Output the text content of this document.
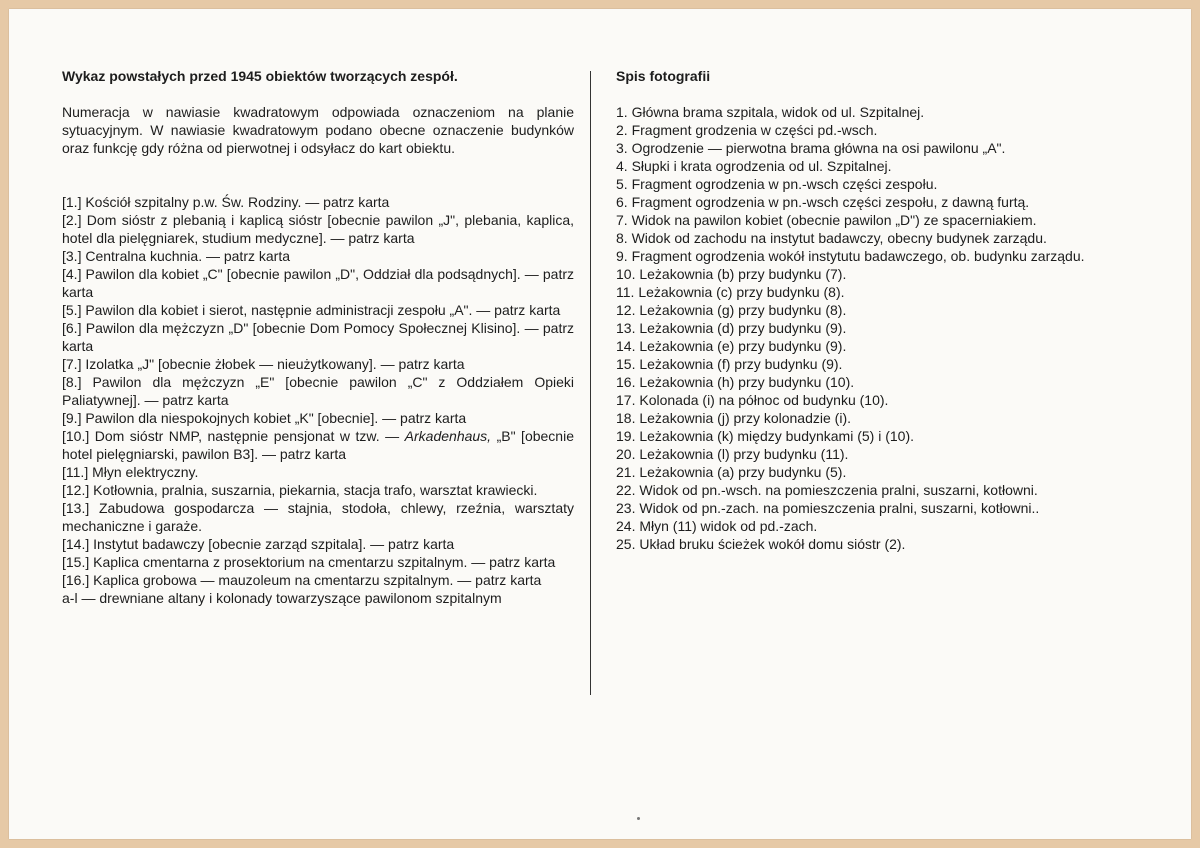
Wykaz powstałych przed 1945 obiektów tworzących zespół.
Numeracja w nawiasie kwadratowym odpowiada oznaczeniom na planie sytuacyjnym. W nawiasie kwadratowym podano obecne oznaczenie budynków oraz funkcję gdy różna od pierwotnej i odsyłacz do kart obiektu.
[1.] Kościół szpitalny p.w. Św. Rodziny. — patrz karta
[2.] Dom sióstr z plebanią i kaplicą sióstr [obecnie pawilon „J", plebania, kaplica, hotel dla pielęgniarek, studium medyczne]. — patrz karta
[3.] Centralna kuchnia. — patrz karta
[4.] Pawilon dla kobiet „C" [obecnie pawilon „D", Oddział dla podsądnych]. — patrz karta
[5.] Pawilon dla kobiet i sierot, następnie administracji zespołu „A". — patrz karta
[6.] Pawilon dla mężczyzn „D" [obecnie Dom Pomocy Społecznej Klisino]. — patrz karta
[7.] Izolatka „J" [obecnie żłobek — nieużytkowany]. — patrz karta
[8.] Pawilon dla mężczyzn „E" [obecnie pawilon „C" z Oddziałem Opieki Paliatywnej]. — patrz karta
[9.] Pawilon dla niespokojnych kobiet „K" [obecnie]. — patrz karta
[10.] Dom sióstr NMP, następnie pensjonat w tzw. — Arkadenhaus, „B" [obecnie hotel pielęgniarski, pawilon B3]. — patrz karta
[11.] Młyn elektryczny.
[12.] Kotłownia, pralnia, suszarnia, piekarnia, stacja trafo, warsztat krawiecki.
[13.] Zabudowa gospodarcza — stajnia, stodoła, chlewy, rzeźnia, warsztaty mechaniczne i garaże.
[14.] Instytut badawczy [obecnie zarząd szpitala]. — patrz karta
[15.] Kaplica cmentarna z prosektorium na cmentarzu szpitalnym. — patrz karta
[16.] Kaplica grobowa — mauzoleum na cmentarzu szpitalnym. — patrz karta
a-l — drewniane altany i kolonady towarzyszące pawilonom szpitalnym
Spis fotografii
1. Główna brama szpitala, widok od ul. Szpitalnej.
2. Fragment grodzenia w części pd.-wsch.
3. Ogrodzenie — pierwotna brama główna na osi pawilonu „A".
4. Słupki i krata ogrodzenia od ul. Szpitalnej.
5. Fragment ogrodzenia w pn.-wsch części zespołu.
6. Fragment ogrodzenia w pn.-wsch części zespołu, z dawną furtą.
7. Widok na pawilon kobiet (obecnie pawilon „D") ze spacerniakiem.
8. Widok od zachodu na instytut badawczy, obecny budynek zarządu.
9. Fragment ogrodzenia wokół instytutu badawczego, ob. budynku zarządu.
10. Leżakownia (b) przy budynku (7).
11. Leżakownia (c) przy budynku (8).
12. Leżakownia (g) przy budynku (8).
13. Leżakownia (d) przy budynku (9).
14. Leżakownia (e) przy budynku (9).
15. Leżakownia (f) przy budynku (9).
16. Leżakownia (h) przy budynku (10).
17. Kolonada (i) na północ od budynku (10).
18. Leżakownia (j) przy kolonadzie (i).
19. Leżakownia (k) między budynkami (5) i (10).
20. Leżakownia (l) przy budynku (11).
21. Leżakownia (a) przy budynku (5).
22. Widok od pn.-wsch. na pomieszczenia pralni, suszarni, kotłowni.
23. Widok od pn.-zach. na pomieszczenia pralni, suszarni, kotłowni..
24. Młyn (11) widok od pd.-zach.
25. Układ bruku ścieżek wokół domu sióstr (2).
